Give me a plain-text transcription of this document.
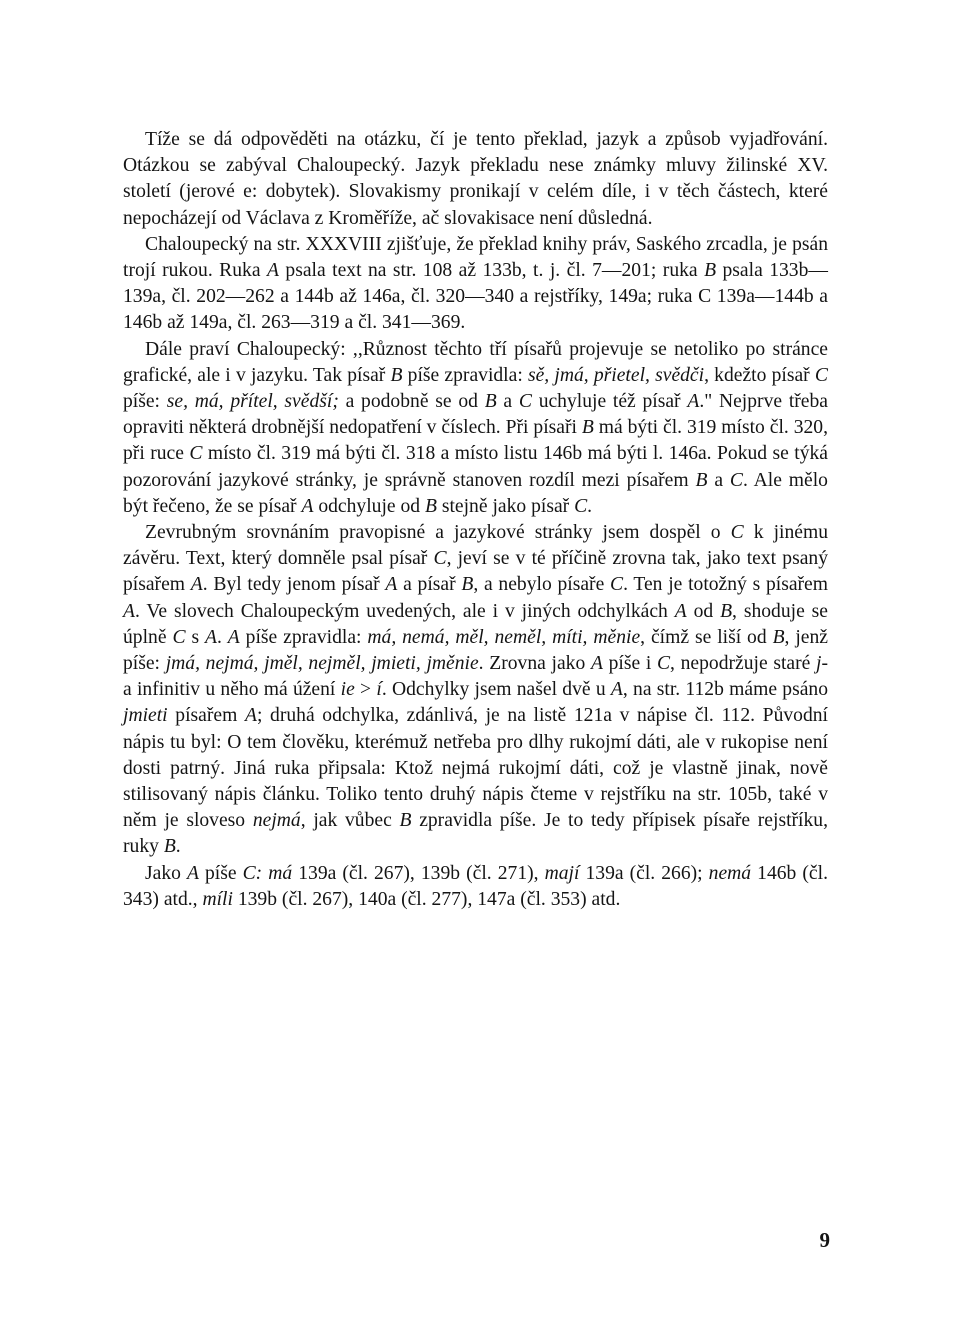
Tíže se dá odpověděti na otázku, čí je tento překlad, jazyk a způsob vyjadřování. Otázkou se zabýval Chaloupecký. Jazyk překladu nese známky mluvy žilinské XV. století (jerové e: dobytek). Slovakismy pronikají v celém díle, i v těch částech, které nepocházejí od Václava z Kroměříže, ač slovakisace není důsledná.

Chaloupecký na str. XXXVIII zjišťuje, že překlad knihy práv, Saského zrcadla, je psán trojí rukou. Ruka A psala text na str. 108 až 133b, t. j. čl. 7—201; ruka B psala 133b—139a, čl. 202—262 a 144b až 146a, čl. 320—340 a rejstříky, 149a; ruka C 139a—144b a 146b až 149a, čl. 263—319 a čl. 341—369.

Dále praví Chaloupecký: ,,Různost těchto tří písařů projevuje se netoliko po stránce grafické, ale i v jazyku. Tak písař B píše zpravidla: sě, jmá, přietel, svědči, kdežto písař C píše: se, má, přítel, svědší; a podobně se od B a C uchyluje též písař A." Nejprve třeba opraviti některá drobnější nedopatření v číslech. Při písaři B má býti čl. 319 místo čl. 320, při ruce C místo čl. 319 má býti čl. 318 a místo listu 146b má býti l. 146a. Pokud se týká pozorování jazykové stránky, je správně stanoven rozdíl mezi písařem B a C. Ale mělo být řečeno, že se písař A odchyluje od B stejně jako písař C.

Zevrubným srovnáním pravopisné a jazykové stránky jsem dospěl o C k jinému závěru. Text, který domněle psal písař C, jeví se v té příčině zrovna tak, jako text psaný písařem A. Byl tedy jenom písař A a písař B, a nebylo písaře C. Ten je totožný s písařem A. Ve slovech Chaloupeckým uvedených, ale i v jiných odchylkách A od B, shoduje se úplně C s A. A píše zpravidla: má, nemá, měl, neměl, míti, měnie, čímž se liší od B, jenž píše: jmá, nejmá, jměl, nejměl, jmieti, jměnie. Zrovna jako A píše i C, nepodržuje staré j- a infinitiv u něho má úžení ie > í. Odchylky jsem našel dvě u A, na str. 112b máme psáno jmieti písařem A; druhá odchylka, zdánlivá, je na listě 121a v nápise čl. 112. Původní nápis tu byl: O tem člověku, kterémuž netřeba pro dlhy rukojmí dáti, ale v rukopise není dosti patrný. Jiná ruka připsala: Ktož nejmá rukojmí dáti, což je vlastně jinak, nově stilisovaný nápis článku. Toliko tento druhý nápis čteme v rejstříku na str. 105b, také v něm je sloveso nejmá, jak vůbec B zpravidla píše. Je to tedy přípisek písaře rejstříku, ruky B.

Jako A píše C: má 139a (čl. 267), 139b (čl. 271), mají 139a (čl. 266); nemá 146b (čl. 343) atd., míli 139b (čl. 267), 140a (čl. 277), 147a (čl. 353) atd.

9
